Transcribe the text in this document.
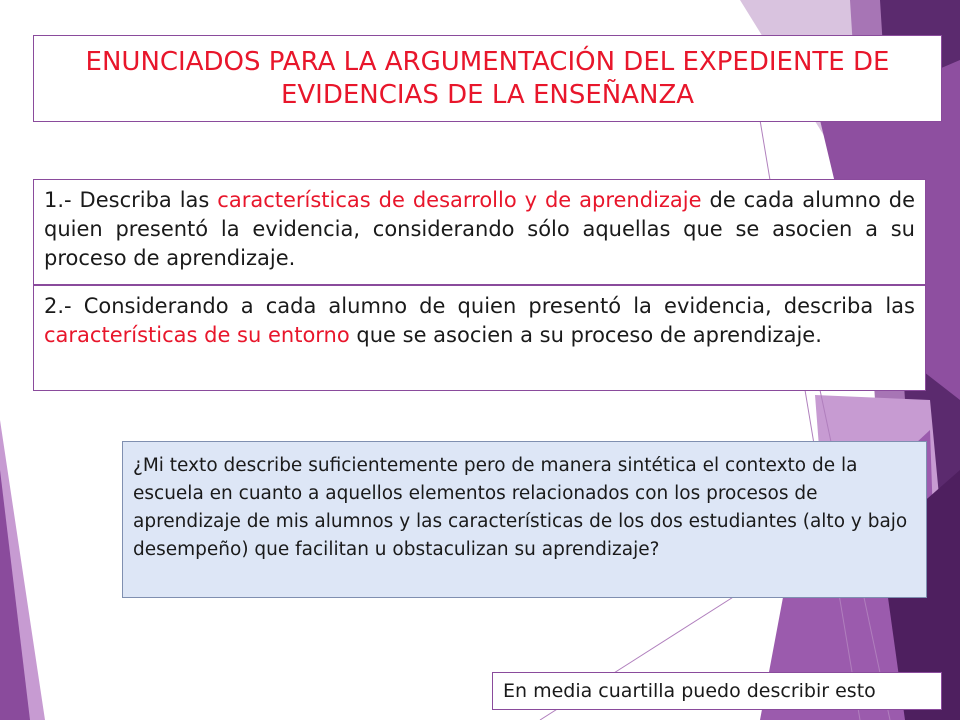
ENUNCIADOS PARA LA ARGUMENTACIÓN DEL EXPEDIENTE DE EVIDENCIAS DE LA ENSEÑANZA
1.- Describa las características de desarrollo y de aprendizaje de cada alumno de quien presentó la evidencia, considerando sólo aquellas que se asocien a su proceso de aprendizaje.
2.- Considerando a cada alumno de quien presentó la evidencia, describa las características de su entorno que se asocien a su proceso de aprendizaje.
¿Mi texto describe suficientemente pero de manera sintética el contexto de la escuela en cuanto a aquellos elementos relacionados con los procesos de aprendizaje de mis alumnos y las características de los dos estudiantes (alto y bajo desempeño) que facilitan u obstaculizan su aprendizaje?
En media cuartilla puedo describir esto
